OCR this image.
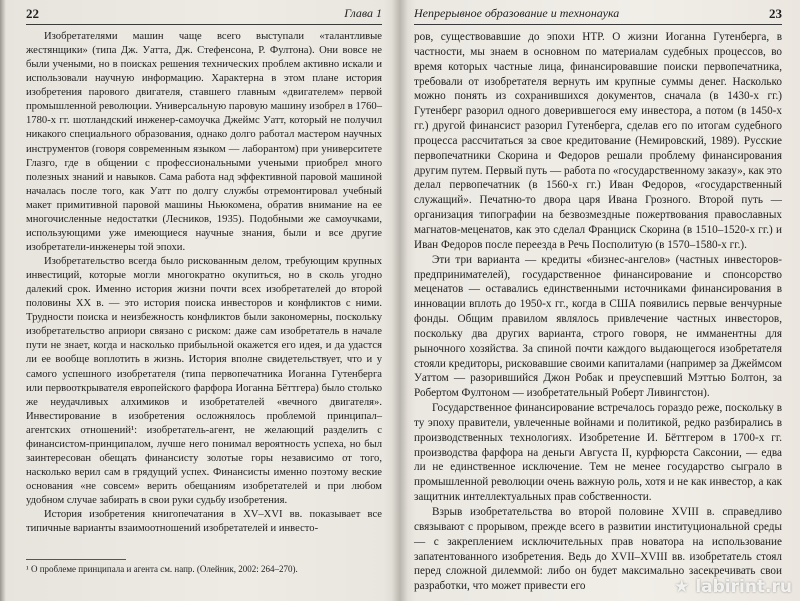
22	Глава 1

Изобретателями машин чаще всего выступали «талантливые жестянщики» (типа Дж. Уатта, Дж. Стефенсона, Р. Фултона). Они вовсе не были учеными, но в поисках решения технических проблем активно искали и использовали научную информацию. Характерна в этом плане история изобретения парового двигателя, ставшего главным «двигателем» первой промышленной революции. Универсальную паровую машину изобрел в 1760–1780-х гг. шотландский инженер-самоучка Джеймс Уатт, который не получил никакого специального образования, однако долго работал мастером научных инструментов (говоря современным языком — лаборантом) при университете Глазго, где в общении с профессиональными учеными приобрел много полезных знаний и навыков. Сама работа над эффективной паровой машиной началась после того, как Уатт по долгу службы отремонтировал учебный макет примитивной паровой машины Ньюкомена, обратив внимание на ее многочисленные недостатки (Лесников, 1935). Подобными же самоучками, использующими уже имеющиеся научные знания, были и все другие изобретатели-инженеры той эпохи.

Изобретательство всегда было рискованным делом, требующим крупных инвестиций, которые могли многократно окупиться, но в сколь угодно далекий срок. Именно история жизни почти всех изобретателей до второй половины XX в. — это история поиска инвесторов и конфликтов с ними. Трудности поиска и неизбежность конфликтов были закономерны, поскольку изобретательство априори связано с риском: даже сам изобретатель в начале пути не знает, когда и насколько прибыльной окажется его идея, и да удастся ли ее вообще воплотить в жизнь. История вполне свидетельствует, что и у самого успешного изобретателя (типа первопечатника Иоганна Гутенберга или первооткрывателя европейского фарфора Иоганна Бёттгера) было столько же неудачливых алхимиков и изобретателей «вечного двигателя». Инвестирование в изобретения осложнялось проблемой принципал–агентских отношений¹: изобретатель-агент, не желающий разделить с финансистом-принципалом, лучше него понимал вероятность успеха, но был заинтересован обещать финансисту золотые горы независимо от того, насколько верил сам в грядущий успех. Финансисты именно поэтому веские основания «не совсем» верить обещаниям изобретателей и при любом удобном случае забирать в свои руки судьбу изобретения.

История изобретения книгопечатания в XV–XVI вв. показывает все типичные варианты взаимоотношений изобретателей и инвесто-

¹ О проблеме принципала и агента см. напр. (Олейник, 2002: 264–270).
Непрерывное образование и технонаука	23

ров, существовавшие до эпохи НТР. О жизни Иоганна Гутенберга, в частности, мы знаем в основном по материалам судебных процессов, во время которых частные лица, финансировавшие поиски первопечатника, требовали от изобретателя вернуть им крупные суммы денег. Насколько можно понять из сохранившихся документов, сначала (в 1430-х гг.) Гутенберг разорил одного доверившегося ему инвестора, а потом (в 1450-х гг.) другой финансист разорил Гутенберга, сделав его по итогам судебного процесса рассчитаться за свое кредитование (Немировский, 1989). Русские первопечатники Скорина и Федоров решали проблему финансирования другим путем. Первый путь — работа по «государственному заказу», как это делал первопечатник (в 1560-х гг.) Иван Федоров, «государственный служащий». Печатню-то двора царя Ивана Грозного. Второй путь — организация типографии на безвозмездные пожертвования православных магнатов-меценатов, как это сделал Франциск Скорина (в 1510–1520-х гг.) и Иван Федоров после переезда в Речь Посполитую (в 1570–1580-х гг.).

Эти три варианта — кредиты «бизнес-ангелов» (частных инвесторов-предпринимателей), государственное финансирование и спонсорство меценатов — оставались единственными источниками финансирования в инновации вплоть до 1950-х гг., когда в США появились первые венчурные фонды. Общим правилом являлось привлечение частных инвесторов, поскольку два других варианта, строго говоря, не имманентны для рыночного хозяйства. За спиной почти каждого выдающегося изобретателя стояли кредиторы, рисковавшие своими капиталами (например за Джеймсом Уаттом — разорившийся Джон Робак и преуспевший Мэттью Болтон, за Робертом Фултоном — изобретательный Роберт Ливингстон).

Государственное финансирование встречалось гораздо реже, поскольку в ту эпоху правители, увлеченные войнами и политикой, редко разбирались в производственных технологиях. Изобретение И. Бёттгером в 1700-х гг. производства фарфора на деньги Августа II, курфюрста Саксонии, — едва ли не единственное исключение. Тем не менее государство сыграло в промышленной революции очень важную роль, хотя и не как инвестор, а как защитник интеллектуальных прав собственности.

Взрыв изобретательства во второй половине XVIII в. справедливо связывают с прорывом, прежде всего в развитии институциональной среды — с закреплением исключительных прав новатора на использование запатентованного изобретения. Ведь до XVII–XVIII вв. изобретатель стоял перед сложной дилеммой: либо он будет максимально засекречивать свои разработки, что может привести его	★ labirint.ru
